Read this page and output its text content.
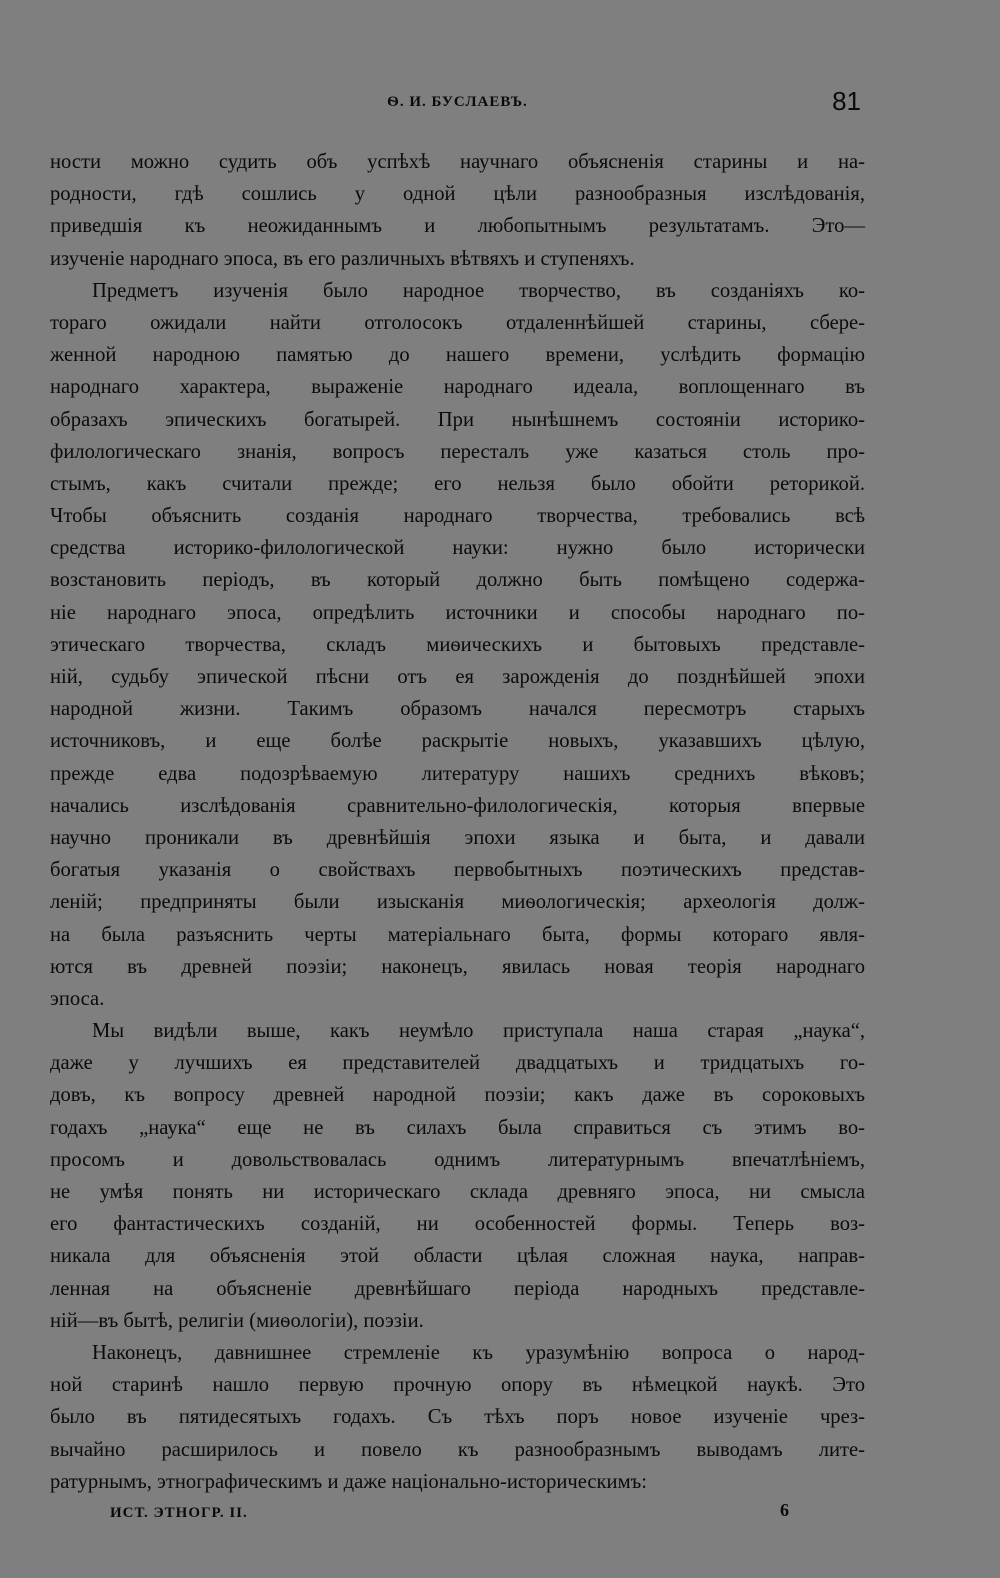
Ѳ. И. БУСЛАЕВЪ.	81
ности можно судить объ успѣхѣ научнаго объясненія старины и на-
родности, гдѣ сошлись у одной цѣли разнообразныя изслѣдованія,
приведшія къ неожиданнымъ и любопытнымъ результатамъ. Это—
изученіе народнаго эпоса, въ его различныхъ вѣтвяхъ и ступеняхъ.
Предметъ изученія было народное творчество, въ созданіяхъ ко-
тораго ожидали найти отголосокъ отдаленнѣйшей старины, сбере-
женной народною памятью до нашего времени, услѣдить формацію
народнаго характера, выраженіе народнаго идеала, воплощеннаго въ
образахъ эпическихъ богатырей. При нынѣшнемъ состояніи историко-
филологическаго знанія, вопросъ пересталъ уже казаться столь про-
стымъ, какъ считали прежде; его нельзя было обойти реторикой.
Чтобы объяснить созданія народнаго творчества, требовались всѣ
средства историко-филологической науки: нужно было исторически
возстановить періодъ, въ который должно быть помѣщено содержа-
ніе народнаго эпоса, опредѣлить источники и способы народнаго по-
этическаго творчества, складъ миѳическихъ и бытовыхъ представле-
ній, судьбу эпической пѣсни отъ ея зарожденія до позднѣйшей эпохи
народной жизни. Такимъ образомъ начался пересмотръ старыхъ
источниковъ, и еще болѣе раскрытіе новыхъ, указавшихъ цѣлую,
прежде едва подозрѣваемую литературу нашихъ среднихъ вѣковъ;
начались изслѣдованія сравнительно-филологическія, которыя впервые
научно проникали въ древнѣйшія эпохи языка и быта, и давали
богатыя указанія о свойствахъ первобытныхъ поэтическихъ представ-
леній; предприняты были изысканія миѳологическія; археологія долж-
на была разъяснить черты матеріальнаго быта, формы котораго явля-
ются въ древней поэзіи; наконецъ, явилась новая теорія народнаго
эпоса.
Мы видѣли выше, какъ неумѣло приступала наша старая „наука“,
даже у лучшихъ ея представителей двадцатыхъ и тридцатыхъ го-
довъ, къ вопросу древней народной поэзіи; какъ даже въ сороковыхъ
годахъ „наука“ еще не въ силахъ была справиться съ этимъ во-
просомъ и довольствовалась однимъ литературнымъ впечатлѣніемъ,
не умѣя понять ни историческаго склада древняго эпоса, ни смысла
его фантастическихъ созданій, ни особенностей формы. Теперь воз-
никала для объясненія этой области цѣлая сложная наука, направ-
ленная на объясненіе древнѣйшаго періода народныхъ представле-
ній—въ бытѣ, религіи (миѳологіи), поэзіи.
Наконецъ, давнишнее стремленіе къ уразумѣнію вопроса о народ-
ной старинѣ нашло первую прочную опору въ нѣмецкой наукѣ. Это
было въ пятидесятыхъ годахъ. Съ тѣхъ поръ новое изученіе чрез-
вычайно расширилось и повело къ разнообразнымъ выводамъ лите-
ратурнымъ, этнографическимъ и даже національно-историческимъ:
ИСТ. ЭТНОГР. II.	6
